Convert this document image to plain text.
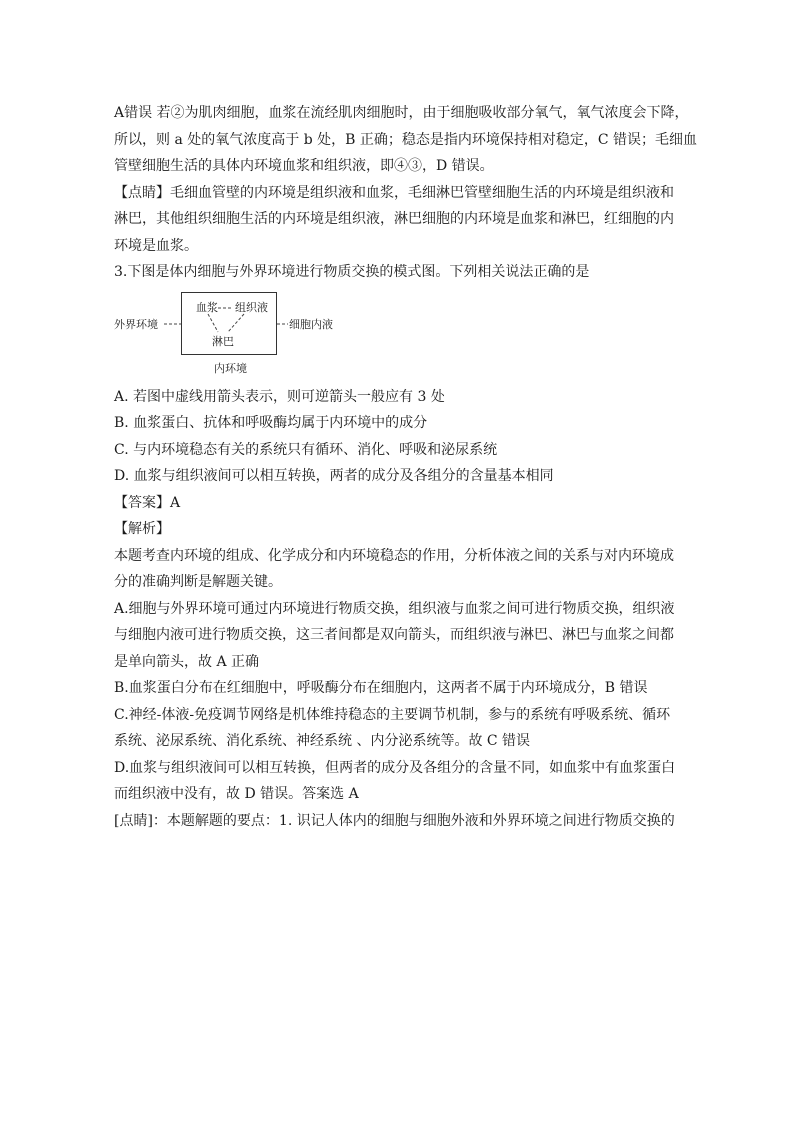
A错误 若②为肌肉细胞，血浆在流经肌肉细胞时，由于细胞吸收部分氧气，氧气浓度会下降，
所以，则 a 处的氧气浓度高于 b 处，B 正确；稳态是指内环境保持相对稳定，C 错误；毛细血
管壁细胞生活的具体内环境血浆和组织液，即④③，D 错误。
【点睛】毛细血管壁的内环境是组织液和血浆，毛细淋巴管壁细胞生活的内环境是组织液和
淋巴，其他组织细胞生活的内环境是组织液，淋巴细胞的内环境是血浆和淋巴，红细胞的内
环境是血浆。
3.下图是体内细胞与外界环境进行物质交换的模式图。下列相关说法正确的是
外界环境
血浆 组织液
淋巴
细胞内液
内环境
A. 若图中虚线用箭头表示，则可逆箭头一般应有 3 处
B. 血浆蛋白、抗体和呼吸酶均属于内环境中的成分
C. 与内环境稳态有关的系统只有循环、消化、呼吸和泌尿系统
D. 血浆与组织液间可以相互转换，两者的成分及各组分的含量基本相同
【答案】A
【解析】
本题考查内环境的组成、化学成分和内环境稳态的作用，分析体液之间的关系与对内环境成
分的准确判断是解题关键。
A.细胞与外界环境可通过内环境进行物质交换，组织液与血浆之间可进行物质交换，组织液
与细胞内液可进行物质交换，这三者间都是双向箭头，而组织液与淋巴、淋巴与血浆之间都
是单向箭头，故 A 正确
B.血浆蛋白分布在红细胞中，呼吸酶分布在细胞内，这两者不属于内环境成分，B 错误
C.神经-体液-免疫调节网络是机体维持稳态的主要调节机制，参与的系统有呼吸系统、循环
系统、泌尿系统、消化系统、神经系统 、内分泌系统等。故 C 错误
D.血浆与组织液间可以相互转换，但两者的成分及各组分的含量不同，如血浆中有血浆蛋白
而组织液中没有，故 D 错误。答案选 A
[点睛]：本题解题的要点：1. 识记人体内的细胞与细胞外液和外界环境之间进行物质交换的
